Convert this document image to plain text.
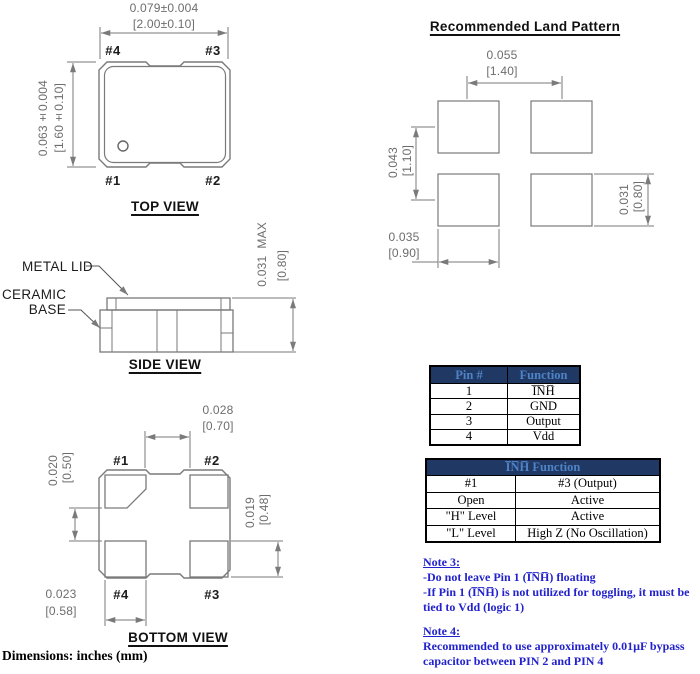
0.079±0.004
[2.00±0.10]
0.063±0.004 [1.60±0.10]
#4	#3
#1	#2
TOP VIEW
Recommended Land Pattern
0.055
[1.40]
0.043 [1.10]
0.031 [0.80]
0.035
[0.90]
METAL LID
CERAMIC
BASE
0.031  MAX [0.80]
SIDE VIEW
0.028
[0.70]
#1	#2
0.020 [0.50]
0.019 [0.48]
0.023
[0.58]
#4	#3
BOTTOM VIEW
Pin #	Function
1	I̅N̅H̅
2	GND
3	Output
4	Vdd
I̅N̅H̅ Function
#1	#3 (Output)
Open	Active
"H" Level	Active
"L" Level	High Z (No Oscillation)
Note 3:
-Do not leave Pin 1 (I̅N̅H̅) floating
-If Pin 1 (I̅N̅H̅) is not utilized for toggling, it must be tied to Vdd (logic 1)
Note 4:
Recommended to use approximately 0.01µF bypass capacitor between PIN 2 and PIN 4
Dimensions: inches (mm)
